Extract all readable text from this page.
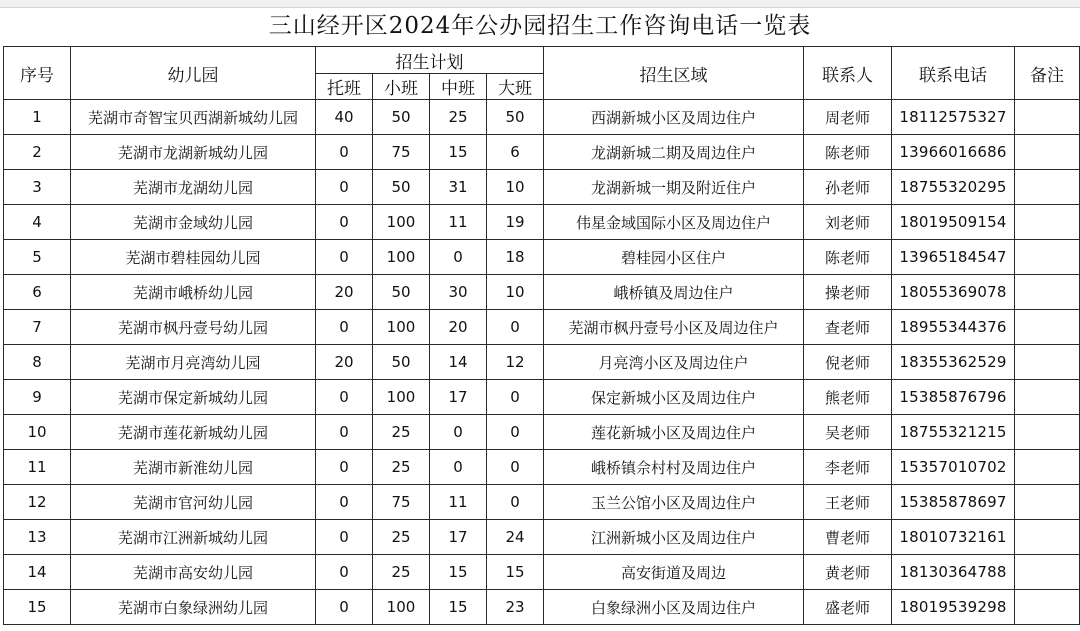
三山经开区2024年公办园招生工作咨询电话一览表
序号	幼儿园	招生计划				招生区域	联系人	联系电话	备注
		托班	小班	中班	大班				
1	芜湖市奇智宝贝西湖新城幼儿园	40	50	25	50	西湖新城小区及周边住户	周老师	18112575327	
2	芜湖市龙湖新城幼儿园	0	75	15	6	龙湖新城二期及周边住户	陈老师	13966016686	
3	芜湖市龙湖幼儿园	0	50	31	10	龙湖新城一期及附近住户	孙老师	18755320295	
4	芜湖市金域幼儿园	0	100	11	19	伟星金域国际小区及周边住户	刘老师	18019509154	
5	芜湖市碧桂园幼儿园	0	100	0	18	碧桂园小区住户	陈老师	13965184547	
6	芜湖市峨桥幼儿园	20	50	30	10	峨桥镇及周边住户	操老师	18055369078	
7	芜湖市枫丹壹号幼儿园	0	100	20	0	芜湖市枫丹壹号小区及周边住户	查老师	18955344376	
8	芜湖市月亮湾幼儿园	20	50	14	12	月亮湾小区及周边住户	倪老师	18355362529	
9	芜湖市保定新城幼儿园	0	100	17	0	保定新城小区及周边住户	熊老师	15385876796	
10	芜湖市莲花新城幼儿园	0	25	0	0	莲花新城小区及周边住户	吴老师	18755321215	
11	芜湖市新淮幼儿园	0	25	0	0	峨桥镇佘村村及周边住户	李老师	15357010702	
12	芜湖市官河幼儿园	0	75	11	0	玉兰公馆小区及周边住户	王老师	15385878697	
13	芜湖市江洲新城幼儿园	0	25	17	24	江洲新城小区及周边住户	曹老师	18010732161	
14	芜湖市高安幼儿园	0	25	15	15	高安街道及周边	黄老师	18130364788	
15	芜湖市白象绿洲幼儿园	0	100	15	23	白象绿洲小区及周边住户	盛老师	18019539298	
